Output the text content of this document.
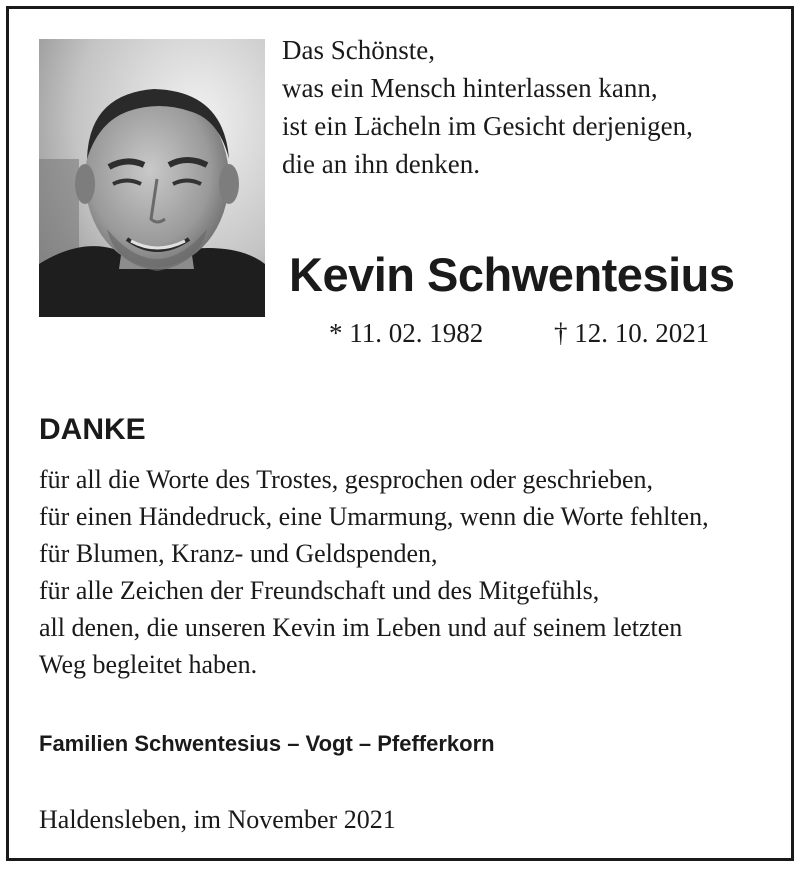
Das Schönste,
was ein Mensch hinterlassen kann,
ist ein Lächeln im Gesicht derjenigen,
die an ihn denken.
Kevin Schwentesius
* 11. 02. 1982	† 12. 10. 2021
DANKE
für all die Worte des Trostes, gesprochen oder geschrieben,
für einen Händedruck, eine Umarmung, wenn die Worte fehlten,
für Blumen, Kranz- und Geldspenden,
für alle Zeichen der Freundschaft und des Mitgefühls,
all denen, die unseren Kevin im Leben und auf seinem letzten
Weg begleitet haben.
Familien Schwentesius – Vogt – Pfefferkorn
Haldensleben, im November 2021
